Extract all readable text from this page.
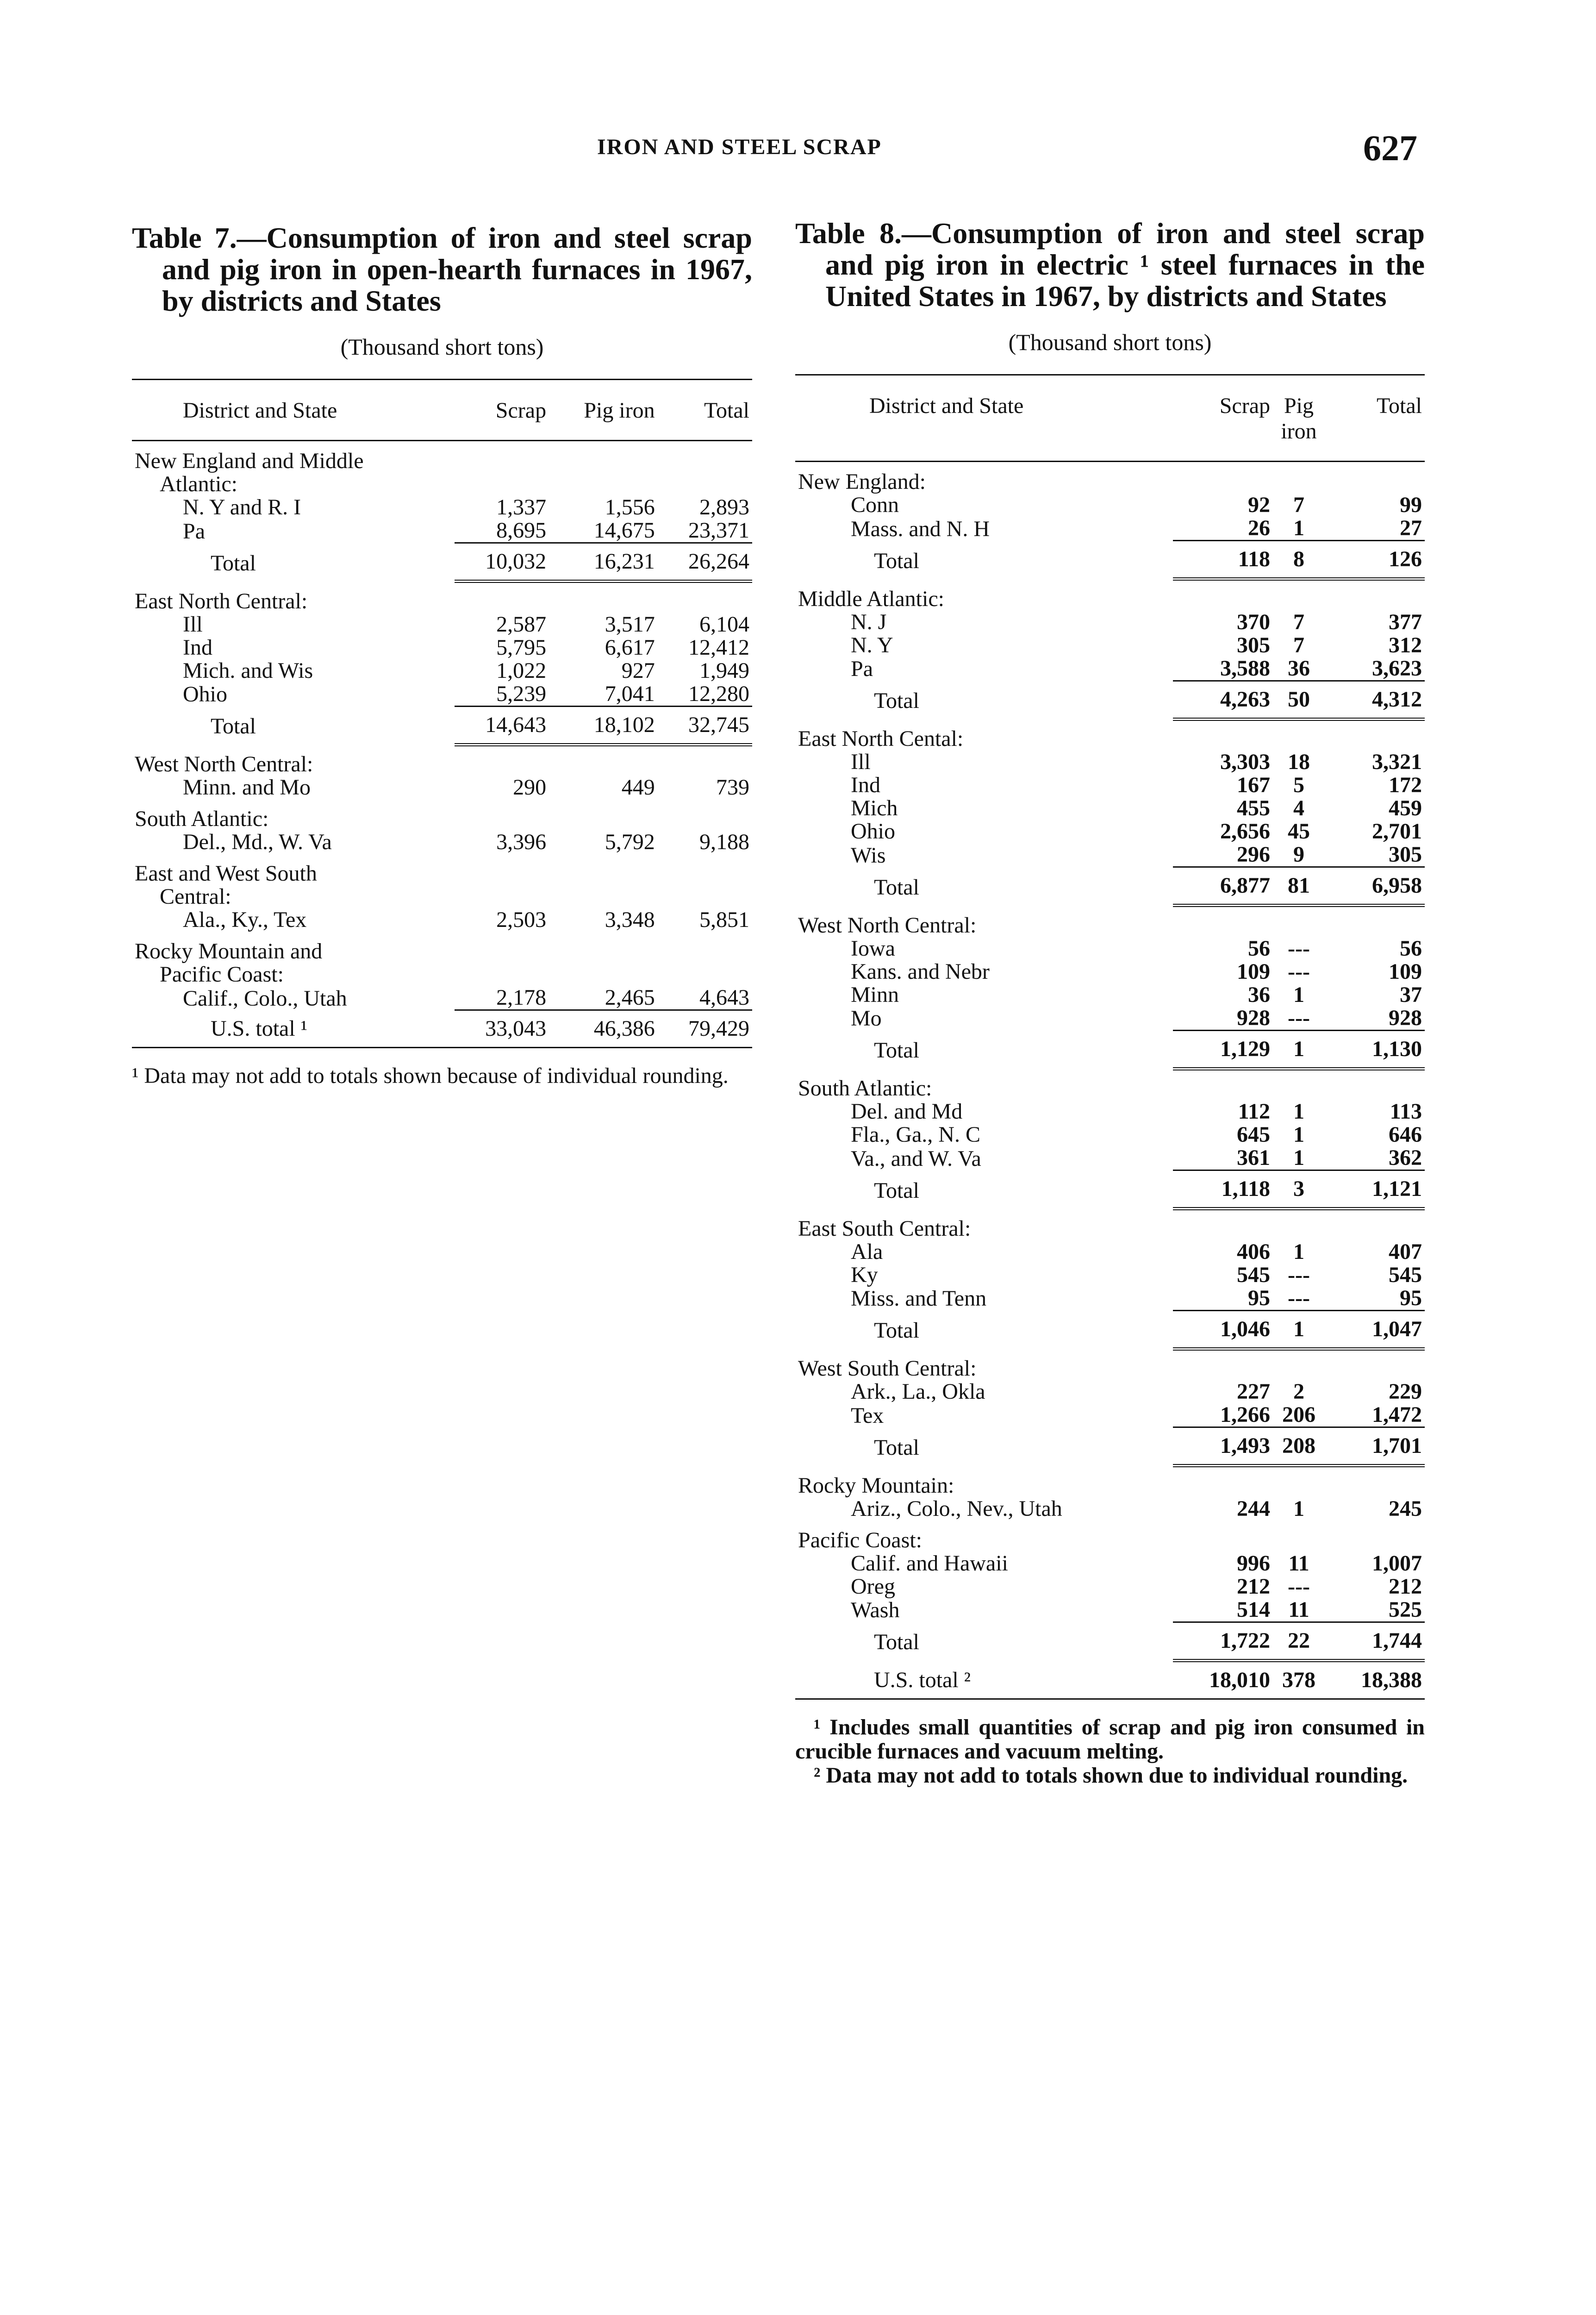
IRON AND STEEL SCRAP	627
Table 7.—Consumption of iron and steel scrap and pig iron in open-hearth furnaces in 1967, by districts and States
(Thousand short tons)
District and State	Scrap	Pig iron	Total
New England and Middle			
Atlantic:			
N. Y and R. I	1,337	1,556	2,893
Pa	8,695	14,675	23,371
Total	10,032	16,231	26,264
East North Central:			
Ill	2,587	3,517	6,104
Ind	5,795	6,617	12,412
Mich. and Wis	1,022	927	1,949
Ohio	5,239	7,041	12,280
Total	14,643	18,102	32,745
West North Central:			
Minn. and Mo	290	449	739
South Atlantic:			
Del., Md., W. Va	3,396	5,792	9,188
East and West South			
Central:			
Ala., Ky., Tex	2,503	3,348	5,851
Rocky Mountain and			
Pacific Coast:			
Calif., Colo., Utah	2,178	2,465	4,643
U.S. total ¹	33,043	46,386	79,429
¹ Data may not add to totals shown because of individual rounding.
Table 8.—Consumption of iron and steel scrap and pig iron in electric ¹ steel furnaces in the United States in 1967, by districts and States
(Thousand short tons)
District and State	Scrap	Pig iron	Total
New England:			
Conn	92	7	99
Mass. and N. H	26	1	27
Total	118	8	126
Middle Atlantic:			
N. J	370	7	377
N. Y	305	7	312
Pa	3,588	36	3,623
Total	4,263	50	4,312
East North Cental:			
Ill	3,303	18	3,321
Ind	167	5	172
Mich	455	4	459
Ohio	2,656	45	2,701
Wis	296	9	305
Total	6,877	81	6,958
West North Central:			
Iowa	56	---	56
Kans. and Nebr	109	---	109
Minn	36	1	37
Mo	928	---	928
Total	1,129	1	1,130
South Atlantic:			
Del. and Md	112	1	113
Fla., Ga., N. C	645	1	646
Va., and W. Va	361	1	362
Total	1,118	3	1,121
East South Central:			
Ala	406	1	407
Ky	545	---	545
Miss. and Tenn	95	---	95
Total	1,046	1	1,047
West South Central:			
Ark., La., Okla	227	2	229
Tex	1,266	206	1,472
Total	1,493	208	1,701
Rocky Mountain:			
Ariz., Colo., Nev., Utah	244	1	245
Pacific Coast:			
Calif. and Hawaii	996	11	1,007
Oreg	212	---	212
Wash	514	11	525
Total	1,722	22	1,744
U.S. total ²	18,010	378	18,388
¹ Includes small quantities of scrap and pig iron consumed in crucible furnaces and vacuum melting.
² Data may not add to totals shown due to individual rounding.
